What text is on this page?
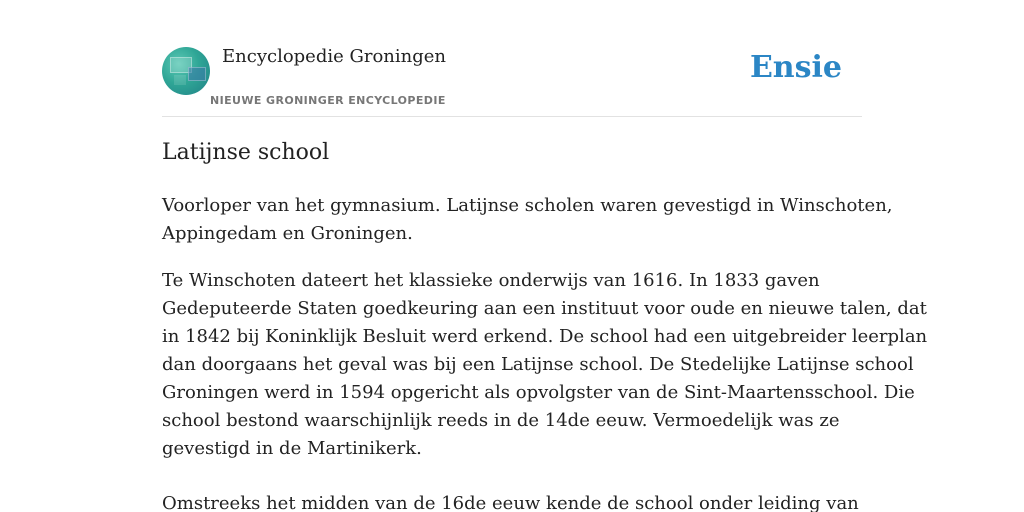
Encyclopedie Groningen
NIEUWE GRONINGER ENCYCLOPEDIE
Ensie
Latijnse school

Voorloper van het gymnasium. Latijnse scholen waren gevestigd in Winschoten,
Appingedam en Groningen.

Te Winschoten dateert het klassieke onderwijs van 1616. In 1833 gaven
Gedeputeerde Staten goedkeuring aan een instituut voor oude en nieuwe talen, dat
in 1842 bij Koninklijk Besluit werd erkend. De school had een uitgebreider leerplan
dan doorgaans het geval was bij een Latijnse school. De Stedelijke Latijnse school
Groningen werd in 1594 opgericht als opvolgster van de Sint-Maartensschool. Die
school bestond waarschijnlijk reeds in de 14de eeuw. Vermoedelijk was ze
gevestigd in de Martinikerk.

Omstreeks het midden van de 16de eeuw kende de school onder leiding van
